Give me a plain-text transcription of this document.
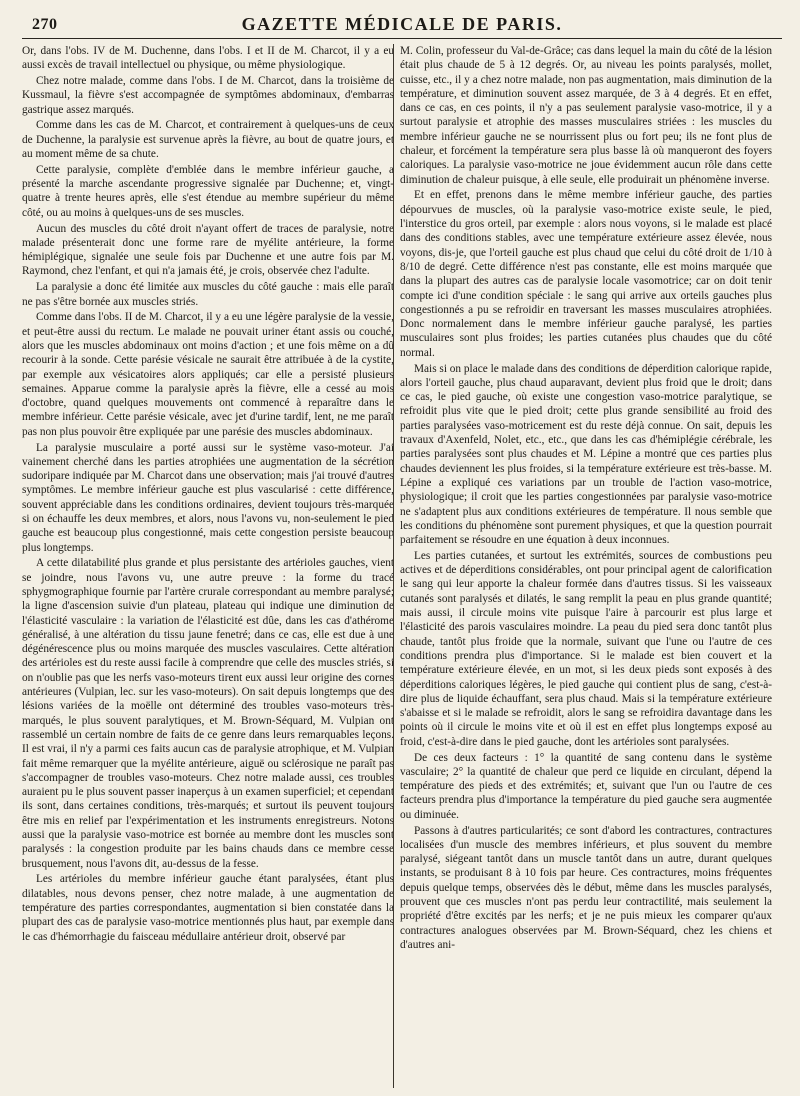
270	GAZETTE MÉDICALE DE PARIS.

Or, dans l'obs. IV de M. Duchenne, dans l'obs. I et II de M. Charcot, il y a eu aussi excès de travail intellectuel ou physique, ou même physiologique.

Chez notre malade, comme dans l'obs. I de M. Charcot, dans la troisième de Kussmaul, la fièvre s'est accompagnée de symptômes abdominaux, d'embarras gastrique assez marqués.

Comme dans les cas de M. Charcot, et contrairement à quelques-uns de ceux de Duchenne, la paralysie est survenue après la fièvre, au bout de quatre jours, et au moment même de sa chute.

Cette paralysie, complète d'emblée dans le membre inférieur gauche, a présenté la marche ascendante progressive signalée par Duchenne; et, vingt-quatre à trente heures après, elle s'est étendue au membre supérieur du même côté, ou au moins à quelques-uns de ses muscles.

Aucun des muscles du côté droit n'ayant offert de traces de paralysie, notre malade présenterait donc une forme rare de myélite antérieure, la forme hémiplégique, signalée une seule fois par Duchenne et une autre fois par M. Raymond, chez l'enfant, et qui n'a jamais été, je crois, observée chez l'adulte.

La paralysie a donc été limitée aux muscles du côté gauche : mais elle paraît ne pas s'être bornée aux muscles striés.

Comme dans l'obs. II de M. Charcot, il y a eu une légère paralysie de la vessie, et peut-être aussi du rectum. Le malade ne pouvait uriner étant assis ou couché, alors que les muscles abdominaux ont moins d'action ; et une fois même on a dû recourir à la sonde. Cette parésie vésicale ne saurait être attribuée à de la cystite, par exemple aux vésicatoires alors appliqués; car elle a persisté plusieurs semaines. Apparue comme la paralysie après la fièvre, elle a cessé au mois d'octobre, quand quelques mouvements ont commencé à reparaître dans le membre inférieur. Cette parésie vésicale, avec jet d'urine tardif, lent, ne me paraît pas non plus pouvoir être expliquée par une parésie des muscles abdominaux.

La paralysie musculaire a porté aussi sur le système vaso-moteur. J'ai vainement cherché dans les parties atrophiées une augmentation de la sécrétion sudoripare indiquée par M. Charcot dans une observation; mais j'ai trouvé d'autres symptômes. Le membre inférieur gauche est plus vascularisé : cette différence, souvent appréciable dans les conditions ordinaires, devient toujours très-marquée si on échauffe les deux membres, et alors, nous l'avons vu, non-seulement le pied gauche est beaucoup plus congestionné, mais cette congestion persiste beaucoup plus longtemps.

A cette dilatabilité plus grande et plus persistante des artérioles gauches, vient se joindre, nous l'avons vu, une autre preuve : la forme du tracé sphygmographique fournie par l'artère crurale correspondant au membre paralysé; la ligne d'ascension suivie d'un plateau, plateau qui indique une diminution de l'élasticité vasculaire : la variation de l'élasticité est dûe, dans les cas d'athérome généralisé, à une altération du tissu jaune fenetré; dans ce cas, elle est due à une dégénérescence plus ou moins marquée des muscles vasculaires. Cette altération des artérioles est du reste aussi facile à comprendre que celle des muscles striés, si on n'oublie pas que les nerfs vaso-moteurs tirent eux aussi leur origine des cornes antérieures (Vulpian, lec. sur les vaso-moteurs). On sait depuis longtemps que des lésions variées de la moëlle ont déterminé des troubles vaso-moteurs très-marqués, le plus souvent paralytiques, et M. Brown-Séquard, M. Vulpian ont rassemblé un certain nombre de faits de ce genre dans leurs remarquables leçons. Il est vrai, il n'y a parmi ces faits aucun cas de paralysie atrophique, et M. Vulpian fait même remarquer que la myélite antérieure, aiguë ou sclérosique ne paraît pas s'accompagner de troubles vaso-moteurs. Chez notre malade aussi, ces troubles auraient pu le plus souvent passer inaperçus à un examen superficiel; et cependant ils sont, dans certaines conditions, très-marqués; et surtout ils peuvent toujours être mis en relief par l'expérimentation et les instruments enregistreurs. Notons aussi que la paralysie vaso-motrice est bornée au membre dont les muscles sont paralysés : la congestion produite par les bains chauds dans ce membre cesse brusquement, nous l'avons dit, au-dessus de la fesse.

Les artérioles du membre inférieur gauche étant paralysées, étant plus dilatables, nous devons penser, chez notre malade, à une augmentation de température des parties correspondantes, augmentation si bien constatée dans la plupart des cas de paralysie vaso-motrice mentionnés plus haut, par exemple dans le cas d'hémorrhagie du faisceau médullaire antérieur droit, observé par

M. Colin, professeur du Val-de-Grâce; cas dans lequel la main du côté de la lésion était plus chaude de 5 à 12 degrés. Or, au niveau les points paralysés, mollet, cuisse, etc., il y a chez notre malade, non pas augmentation, mais diminution de la température, et diminution souvent assez marquée, de 3 à 4 degrés. Et en effet, dans ce cas, en ces points, il n'y a pas seulement paralysie vaso-motrice, il y a surtout paralysie et atrophie des masses musculaires striées : les muscles du membre inférieur gauche ne se nourrissent plus ou fort peu; ils ne font plus de chaleur, et forcément la température sera plus basse là où manqueront des foyers caloriques. La paralysie vaso-motrice ne joue évidemment aucun rôle dans cette diminution de chaleur puisque, à elle seule, elle produirait un phénomène inverse.

Et en effet, prenons dans le même membre inférieur gauche, des parties dépourvues de muscles, où la paralysie vaso-motrice existe seule, le pied, l'interstice du gros orteil, par exemple : alors nous voyons, si le malade est placé dans des conditions stables, avec une température extérieure assez élevée, nous voyons, dis-je, que l'orteil gauche est plus chaud que celui du côté droit de 1/10 à 8/10 de degré. Cette différence n'est pas constante, elle est moins marquée que dans la plupart des autres cas de paralysie locale vasomotrice; car on doit tenir compte ici d'une condition spéciale : le sang qui arrive aux orteils gauches plus congestionnés a pu se refroidir en traversant les masses musculaires atrophiées. Donc normalement dans le membre inférieur gauche paralysé, les parties musculaires sont plus froides; les parties cutanées plus chaudes que du côté normal.

Mais si on place le malade dans des conditions de déperdition calorique rapide, alors l'orteil gauche, plus chaud auparavant, devient plus froid que le droit; dans ce cas, le pied gauche, où existe une congestion vaso-motrice paralytique, se refroidit plus vite que le pied droit; cette plus grande sensibilité au froid des parties paralysées vaso-motricement est du reste déjà connue. On sait, depuis les travaux d'Axenfeld, Nolet, etc., etc., que dans les cas d'hémiplégie cérébrale, les parties paralysées sont plus chaudes et M. Lépine a montré que ces parties plus chaudes deviennent les plus froides, si la température extérieure est très-basse. M. Lépine a expliqué ces variations par un trouble de l'action vaso-motrice, physiologique; il croit que les parties congestionnées par paralysie vaso-motrice ne s'adaptent plus aux conditions extérieures de température. Il nous semble que les conditions du phénomène sont purement physiques, et que la question pourrait parfaitement se résoudre en une équation à deux inconnues.

Les parties cutanées, et surtout les extrémités, sources de combustions peu actives et de déperditions considérables, ont pour principal agent de calorification le sang qui leur apporte la chaleur formée dans d'autres tissus. Si les vaisseaux cutanés sont paralysés et dilatés, le sang remplit la peau en plus grande quantité; mais aussi, il circule moins vite puisque l'aire à parcourir est plus large et l'élasticité des parois vasculaires moindre. La peau du pied sera donc tantôt plus chaude, tantôt plus froide que la normale, suivant que l'une ou l'autre de ces conditions prendra plus d'importance. Si le malade est bien couvert et la température extérieure élevée, en un mot, si les deux pieds sont exposés à des déperditions caloriques légères, le pied gauche qui contient plus de sang, c'est-à-dire plus de liquide échauffant, sera plus chaud. Mais si la température extérieure s'abaisse et si le malade se refroidit, alors le sang se refroidira davantage dans les points où il circule le moins vite et où il est en effet plus longtemps exposé au froid, c'est-à-dire dans le pied gauche, dont les artérioles sont paralysées.

De ces deux facteurs : 1° la quantité de sang contenu dans le système vasculaire; 2° la quantité de chaleur que perd ce liquide en circulant, dépend la température des pieds et des extrémités; et, suivant que l'un ou l'autre de ces facteurs prendra plus d'importance la température du pied gauche sera augmentée ou diminuée.

Passons à d'autres particularités; ce sont d'abord les contractures, contractures localisées d'un muscle des membres inférieurs, et plus souvent du membre paralysé, siégeant tantôt dans un muscle tantôt dans un autre, durant quelques instants, se produisant 8 à 10 fois par heure. Ces contractures, moins fréquentes depuis quelque temps, observées dès le début, même dans les muscles paralysés, prouvent que ces muscles n'ont pas perdu leur contractilité, mais seulement la propriété d'être excités par les nerfs; et je ne puis mieux les comparer qu'aux contractures analogues observées par M. Brown-Séquard, chez les chiens et d'autres ani-
